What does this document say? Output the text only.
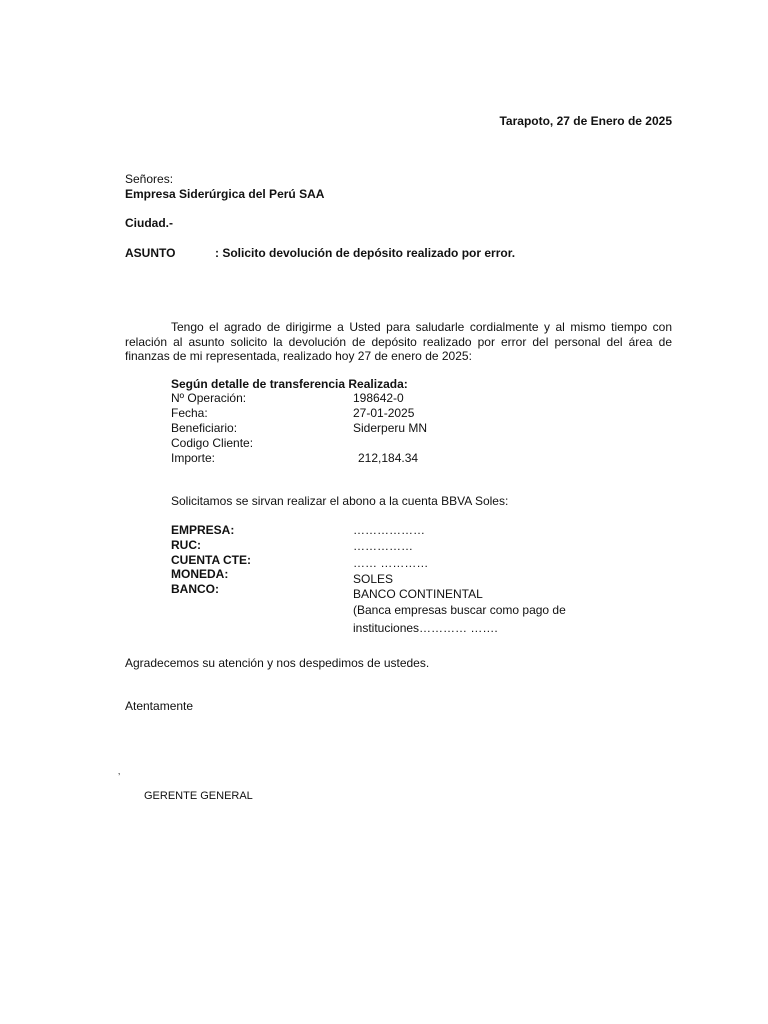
Tarapoto, 27 de Enero de 2025
Señores:
Empresa Siderúrgica del Perú SAA
Ciudad.-
ASUNTO	: Solicito devolución de depósito realizado por error.
Tengo el agrado de dirigirme a Usted para saludarle cordialmente y al mismo tiempo con relación al asunto solicito la devolución de depósito realizado por error del personal del área de finanzas de mi representada, realizado hoy 27 de enero de 2025:
Según detalle de transferencia Realizada:
Nº Operación:	198642-0
Fecha:	27-01-2025
Beneficiario:	Siderperu MN
Codigo Cliente:
Importe:	212,184.34
Solicitamos se sirvan realizar el abono a la cuenta BBVA Soles:
EMPRESA:	………………
RUC:	……………
CUENTA CTE:	…… …………
MONEDA:	SOLES
BANCO:	BANCO CONTINENTAL
(Banca empresas buscar como pago de
instituciones………… …….
Agradecemos su atención y nos despedimos de ustedes.
Atentamente
’
GERENTE GENERAL
